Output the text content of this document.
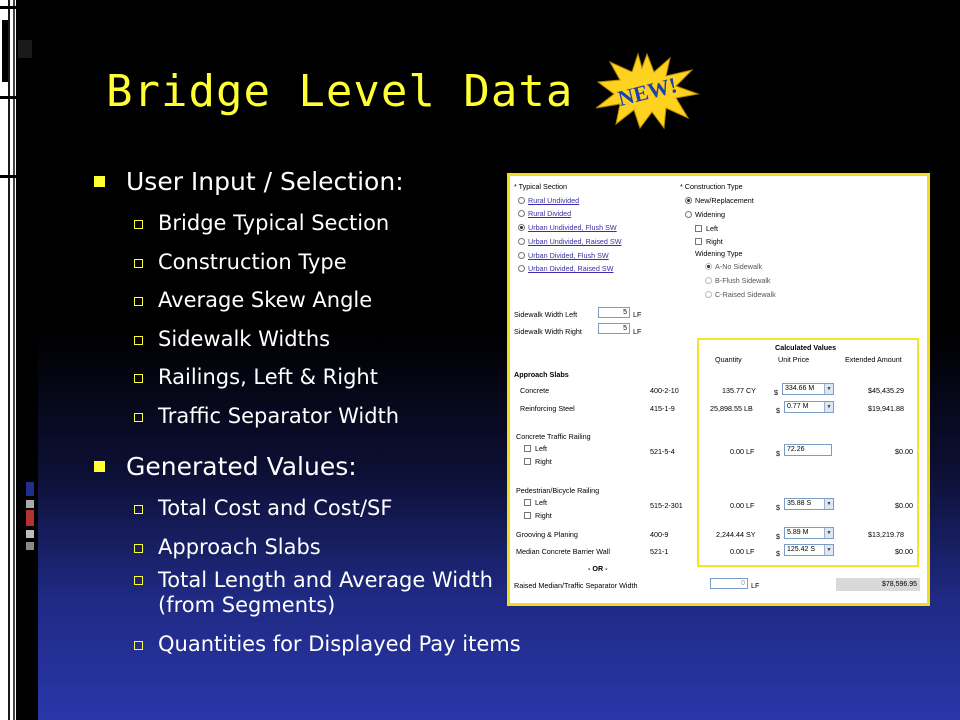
Bridge Level Data NEW!
User Input / Selection:
Bridge Typical Section
Construction Type
Average Skew Angle
Sidewalk Widths
Railings, Left & Right
Traffic Separator Width
Generated Values:
Total Cost and Cost/SF
Approach Slabs
Total Length and Average Width (from Segments)
Quantities for Displayed Pay items
* Typical Section
Rural Undivided
Rural Divided
Urban Undivided, Flush SW
Urban Undivided, Raised SW
Urban Divided, Flush SW
Urban Divided, Raised SW
* Construction Type
New/Replacement
Widening
Left
Right
Widening Type
A-No Sidewalk
B-Flush Sidewalk
C-Raised Sidewalk
Sidewalk Width Left	5 LF
Sidewalk Width Right	5 LF
Calculated Values
Quantity	Unit Price	Extended Amount
Approach Slabs
Concrete	400-2-10	135.77 CY	$	334.66 M	▼	$45,435.29
Reinforcing Steel	415-1-9	25,898.55 LB	$	0.77 M	▼	$19,941.88
Concrete Traffic Railing
Left
Right
521-5-4	0.00 LF	$	72.26	$0.00
Pedestrian/Bicycle Railing
Left
Right
515-2-301	0.00 LF	$	35.88 S	▼	$0.00
Grooving & Planing	400-9	2,244.44 SY	$	5.89 M	▼	$13,219.78
Median Concrete Barrier Wall	521-1	0.00 LF	$	125.42 S	▼	$0.00
- OR -
Raised Median/Traffic Separator Width	0 LF	$78,596.95
